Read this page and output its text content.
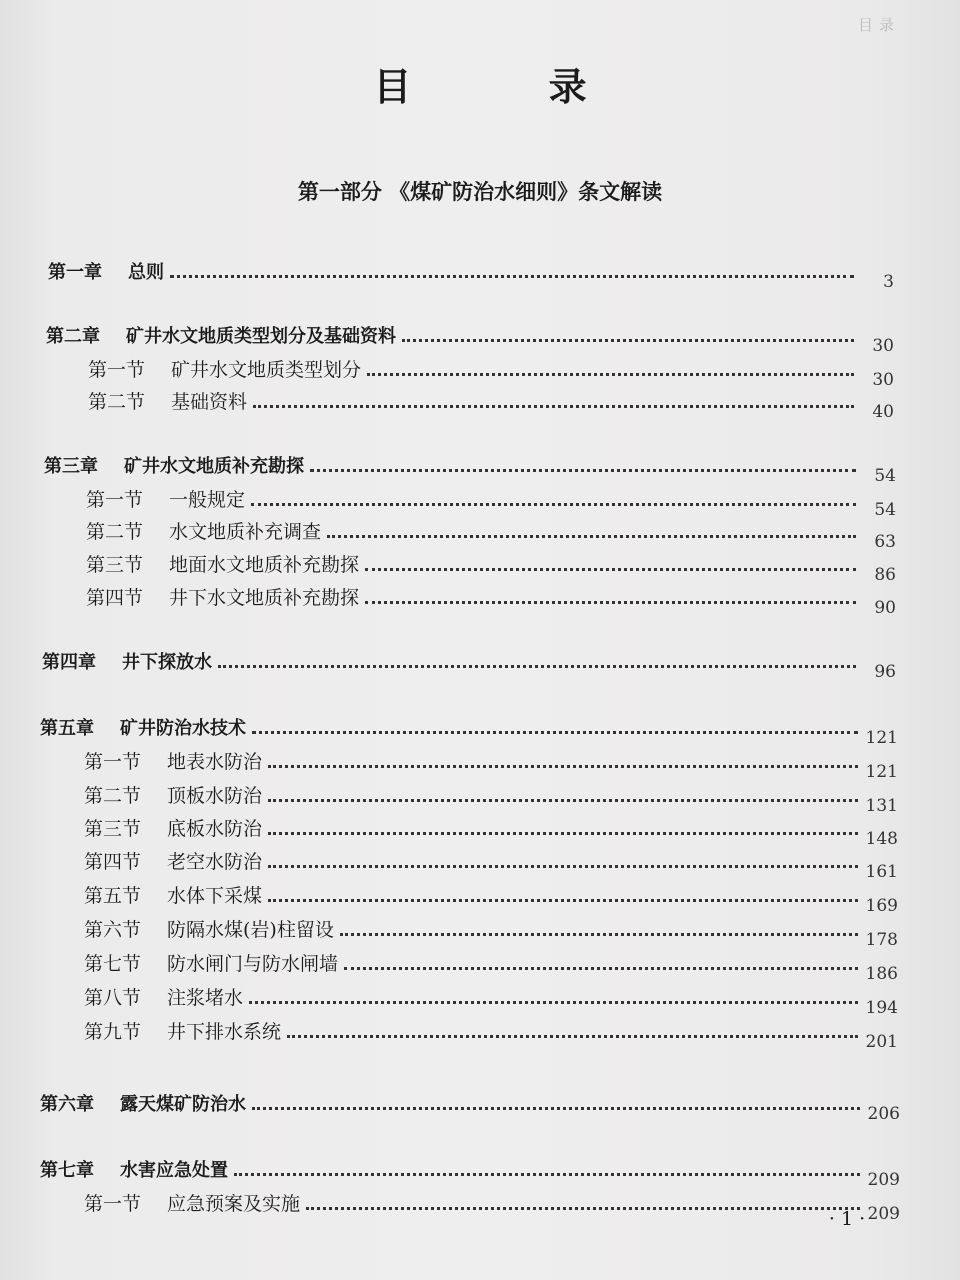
目录
目 录
第一部分 《煤矿防治水细则》条文解读
第一章 总则	3
第二章 矿井水文地质类型划分及基础资料	30
第一节 矿井水文地质类型划分	30
第二节 基础资料	40
第三章 矿井水文地质补充勘探	54
第一节 一般规定	54
第二节 水文地质补充调查	63
第三节 地面水文地质补充勘探	86
第四节 井下水文地质补充勘探	90
第四章 井下探放水	96
第五章 矿井防治水技术	121
第一节 地表水防治	121
第二节 顶板水防治	131
第三节 底板水防治	148
第四节 老空水防治	161
第五节 水体下采煤	169
第六节 防隔水煤(岩)柱留设	178
第七节 防水闸门与防水闸墙	186
第八节 注浆堵水	194
第九节 井下排水系统	201
第六章 露天煤矿防治水	206
第七章 水害应急处置	209
第一节 应急预案及实施	209
· 1 ·
